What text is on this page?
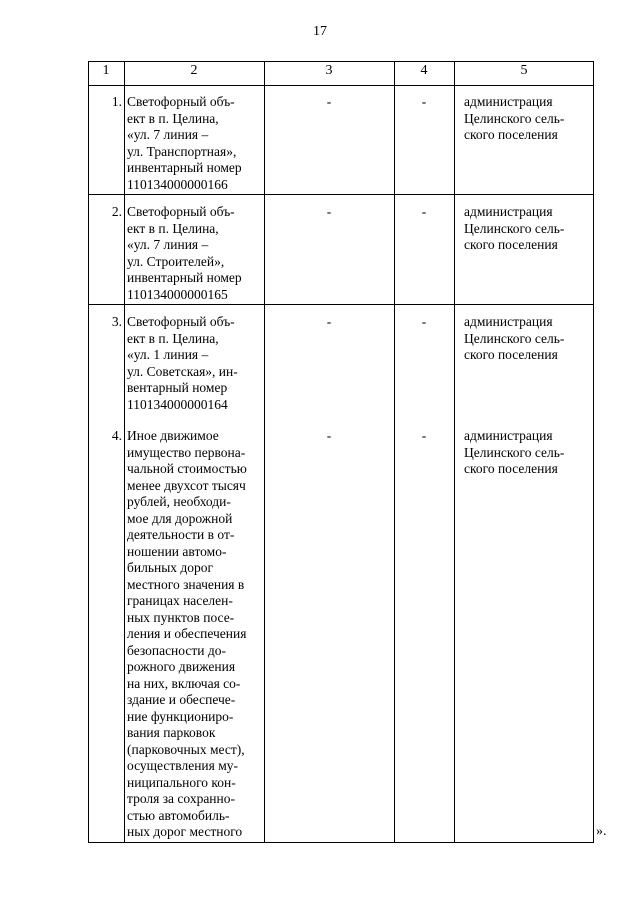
17
1	2	3	4	5
1. Светофорный объ-
ект в п. Целина,
«ул. 7 линия –
ул. Транспортная»,
инвентарный номер
110134000000166
-	-	администрация
Целинского сель-
ского поселения
2. Светофорный объ-
ект в п. Целина,
«ул. 7 линия –
ул. Строителей»,
инвентарный номер
110134000000165
-	-	администрация
Целинского сель-
ского поселения
3. Светофорный объ-
ект в п. Целина,
«ул. 1 линия –
ул. Советская», ин-
вентарный номер
110134000000164
-	-	администрация
Целинского сель-
ского поселения
4. Иное движимое
имущество первона-
чальной стоимостью
менее двухсот тысяч
рублей, необходи-
мое для дорожной
деятельности в от-
ношении автомо-
бильных дорог
местного значения в
границах населен-
ных пунктов посе-
ления и обеспечения
безопасности до-
рожного движения
на них, включая со-
здание и обеспече-
ние функциониро-
вания парковок
(парковочных мест),
осуществления му-
ниципального кон-
троля за сохранно-
стью автомобиль-
ных дорог местного
-	-	администрация
Целинского сель-
ского поселения
».
